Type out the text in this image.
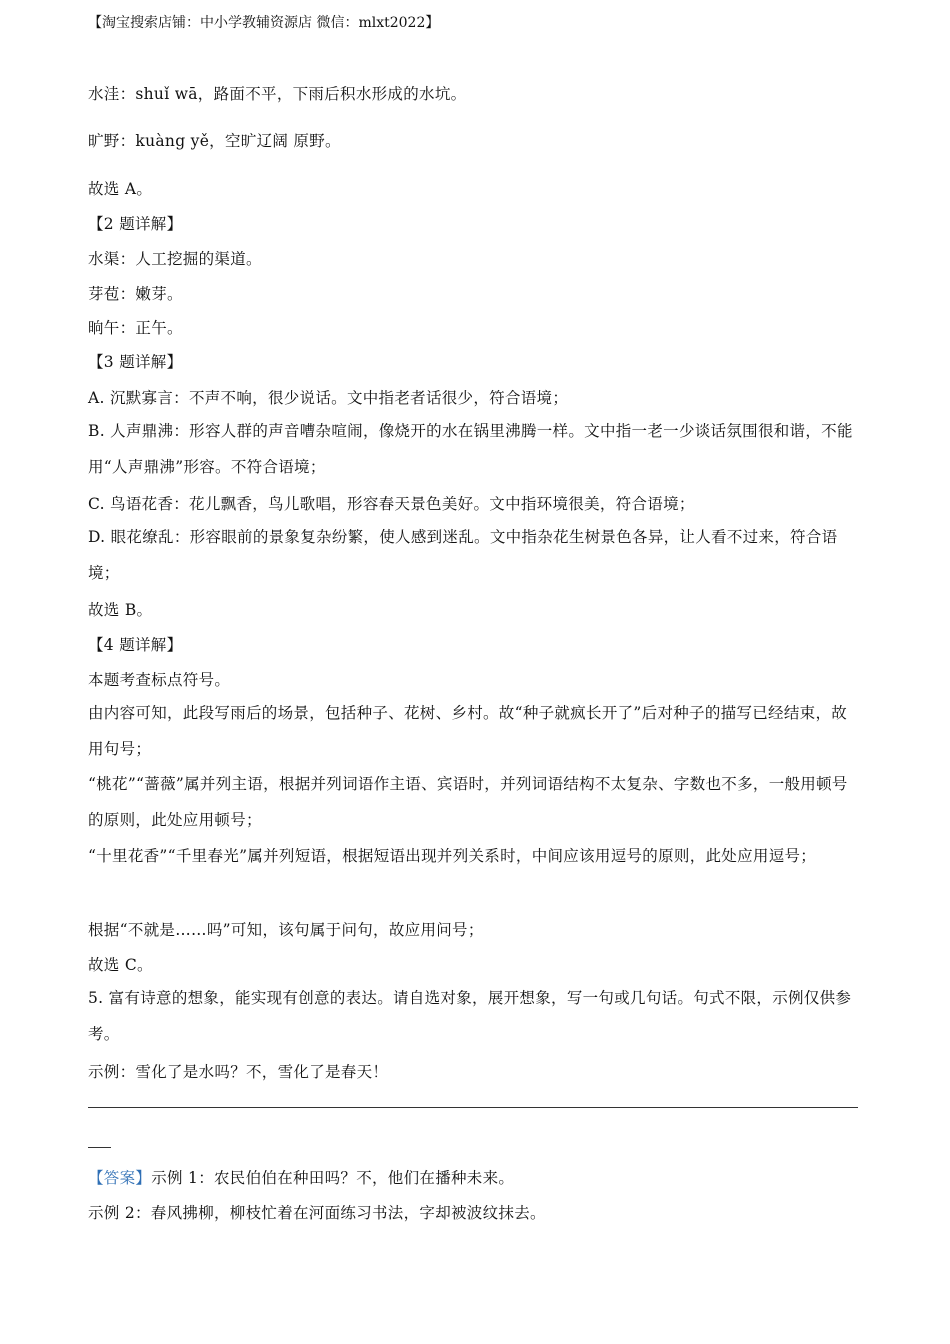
【淘宝搜索店铺：中小学教辅资源店 微信：mlxt2022】
水洼：shuǐ wā，路面不平，下雨后积水形成的水坑。
旷野：kuàng yě，空旷辽阔 原野。
故选 A。
【2 题详解】
水渠：人工挖掘的渠道。
芽苞：嫩芽。
晌午：正午。
【3 题详解】
A. 沉默寡言：不声不响，很少说话。文中指老者话很少，符合语境；
B. 人声鼎沸：形容人群的声音嘈杂喧闹，像烧开的水在锅里沸腾一样。文中指一老一少谈话氛围很和谐，不能用“人声鼎沸”形容。不符合语境；
C. 鸟语花香：花儿飘香，鸟儿歌唱，形容春天景色美好。文中指环境很美，符合语境；
D. 眼花缭乱：形容眼前的景象复杂纷繁，使人感到迷乱。文中指杂花生树景色各异，让人看不过来，符合语境；
故选 B。
【4 题详解】
本题考查标点符号。
由内容可知，此段写雨后的场景，包括种子、花树、乡村。故“种子就疯长开了”后对种子的描写已经结束，故用句号；
“桃花”“蔷薇”属并列主语，根据并列词语作主语、宾语时，并列词语结构不太复杂、字数也不多，一般用顿号的原则，此处应用顿号；
“十里花香”“千里春光”属并列短语，根据短语出现并列关系时，中间应该用逗号的原则，此处应用逗号；
根据“不就是……吗”可知，该句属于问句，故应用问号；
故选 C。
5. 富有诗意的想象，能实现有创意的表达。请自选对象，展开想象，写一句或几句话。句式不限，示例仅供参考。
示例：雪化了是水吗？不，雪化了是春天！
【答案】示例 1：农民伯伯在种田吗？不，他们在播种未来。
示例 2：春风拂柳，柳枝忙着在河面练习书法，字却被波纹抹去。
